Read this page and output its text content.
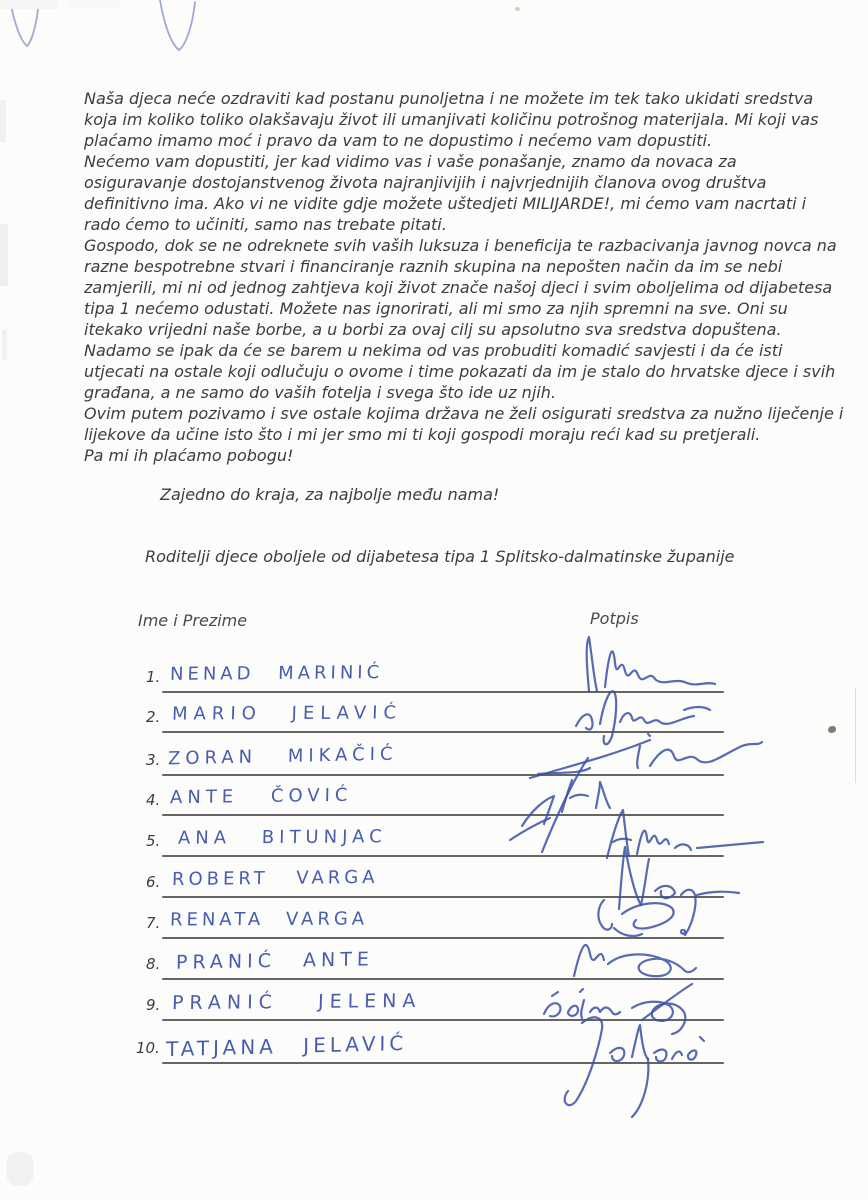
Naša djeca neće ozdraviti kad postanu punoljetna i ne možete im tek tako ukidati sredstva
koja im koliko toliko olakšavaju život ili umanjivati količinu potrošnog materijala. Mi koji vas
plaćamo imamo moć i pravo da vam to ne dopustimo i nećemo vam dopustiti.
Nećemo vam dopustiti, jer kad vidimo vas i vaše ponašanje, znamo da novaca za
osiguravanje dostojanstvenog života najranjivijih i najvrjednijih članova ovog društva
definitivno ima. Ako vi ne vidite gdje možete uštedjeti MILIJARDE!, mi ćemo vam nacrtati i
rado ćemo to učiniti, samo nas trebate pitati.
Gospodo, dok se ne odreknete svih vaših luksuza i beneficija te razbacivanja javnog novca na
razne bespotrebne stvari i financiranje raznih skupina na nepošten način da im se nebi
zamjerili, mi ni od jednog zahtjeva koji život znače našoj djeci i svim oboljelima od dijabetesa
tipa 1 nećemo odustati. Možete nas ignorirati, ali mi smo za njih spremni na sve. Oni su
itekako vrijedni naše borbe, a u borbi za ovaj cilj su apsolutno sva sredstva dopuštena.
Nadamo se ipak da će se barem u nekima od vas probuditi komadić savjesti i da će isti
utjecati na ostale koji odlučuju o ovome i time pokazati da im je stalo do hrvatske djece i svih
građana, a ne samo do vaših fotelja i svega što ide uz njih.
Ovim putem pozivamo i sve ostale kojima država ne želi osigurati sredstva za nužno liječenje i
lijekove da učine isto što i mi jer smo mi ti koji gospodi moraju reći kad su pretjerali.
Pa mi ih plaćamo pobogu!
Zajedno do kraja, za najbolje među nama!
Roditelji djece oboljele od dijabetesa tipa 1 Splitsko-dalmatinske županije
Ime i Prezime	Potpis
1. NENAD MARINIĆ
2. MARIO JELAVIĆ
3. ZORAN MIKAČIĆ
4. ANTE ČOVIĆ
5. ANA BITUNJAC
6. ROBERT VARGA
7. RENATA VARGA
8. PRANIĆ ANTE
9. PRANIĆ JELENA
10. TATJANA JELAVIĆ
